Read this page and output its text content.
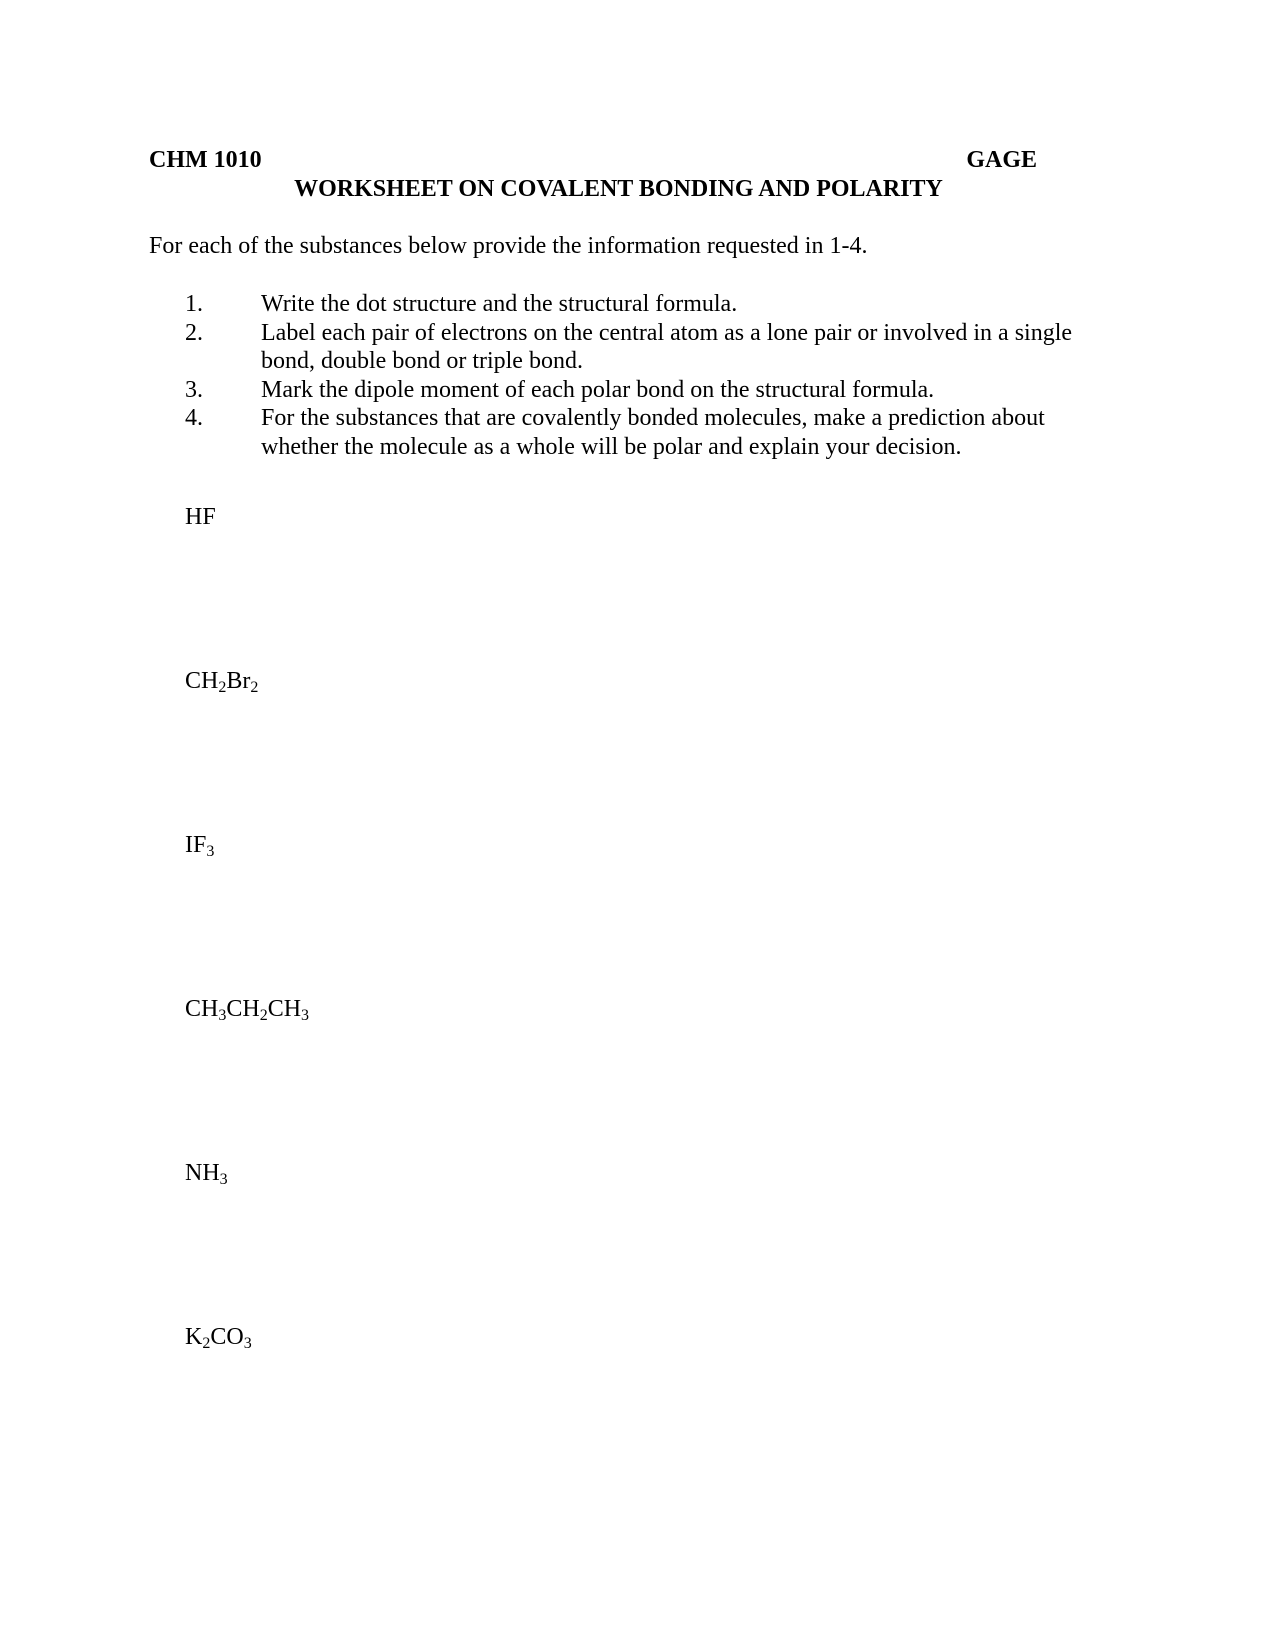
CHM 1010	GAGE
WORKSHEET ON COVALENT BONDING AND POLARITY
For each of the substances below provide the information requested in 1-4.
1. Write the dot structure and the structural formula.
2. Label each pair of electrons on the central atom as a lone pair or involved in a single bond, double bond or triple bond.
3. Mark the dipole moment of each polar bond on the structural formula.
4. For the substances that are covalently bonded molecules, make a prediction about whether the molecule as a whole will be polar and explain your decision.
HF
$CH_2Br_2$
$IF_3$
$CH_3CH_2CH_3$
$NH_3$
$K_2CO_3$
